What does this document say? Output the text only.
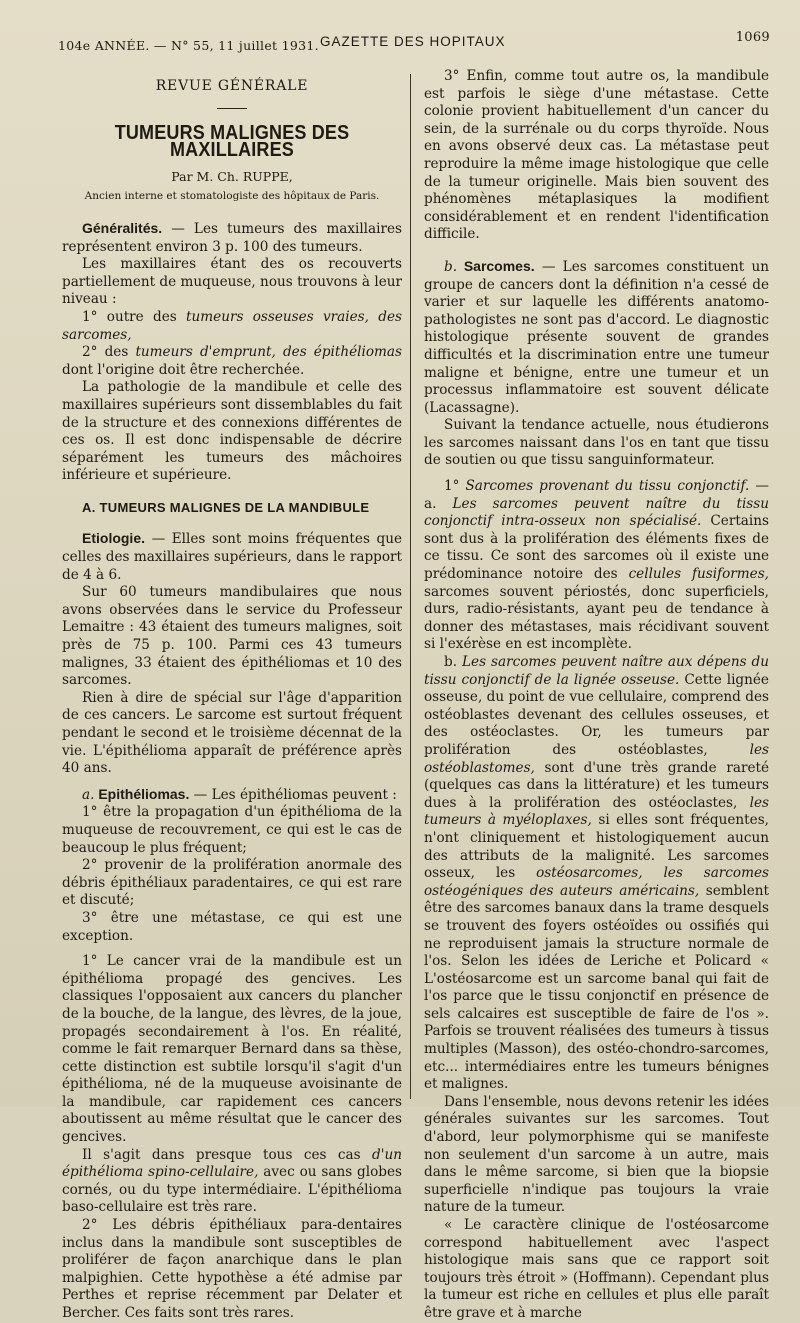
104e ANNÉE. — N° 55, 11 juillet 1931. GAZETTE DES HOPITAUX	1069
REVUE GÉNÉRALE
TUMEURS MALIGNES DES MAXILLAIRES
Par M. Ch. RUPPE,
Ancien interne et stomatologiste des hôpitaux de Paris.

Généralités. — Les tumeurs des maxillaires représentent environ 3 p. 100 des tumeurs.

Les maxillaires étant des os recouverts partiellement de muqueuse, nous trouvons à leur niveau :

1° outre des tumeurs osseuses vraies, des sarcomes,

2° des tumeurs d'emprunt, des épithéliomas dont l'origine doit être recherchée.

La pathologie de la mandibule et celle des maxillaires supérieurs sont dissemblables du fait de la structure et des connexions différentes de ces os. Il est donc indispensable de décrire séparément les tumeurs des mâchoires inférieure et supérieure.

A. TUMEURS MALIGNES DE LA MANDIBULE

Etiologie. — Elles sont moins fréquentes que celles des maxillaires supérieurs, dans le rapport de 4 à 6.

Sur 60 tumeurs mandibulaires que nous avons observées dans le service du Professeur Lemaitre : 43 étaient des tumeurs malignes, soit près de 75 p. 100. Parmi ces 43 tumeurs malignes, 33 étaient des épithéliomas et 10 des sarcomes.

Rien à dire de spécial sur l'âge d'apparition de ces cancers. Le sarcome est surtout fréquent pendant le second et le troisième décennat de la vie. L'épithélioma apparaît de préférence après 40 ans.

a. Epithéliomas. — Les épithéliomas peuvent :

1° être la propagation d'un épithélioma de la muqueuse de recouvrement, ce qui est le cas de beaucoup le plus fréquent;

2° provenir de la prolifération anormale des débris épithéliaux paradentaires, ce qui est rare et discuté;

3° être une métastase, ce qui est une exception.

1° Le cancer vrai de la mandibule est un épithélioma propagé des gencives. Les classiques l'opposaient aux cancers du plancher de la bouche, de la langue, des lèvres, de la joue, propagés secondairement à l'os. En réalité, comme le fait remarquer Bernard dans sa thèse, cette distinction est subtile lorsqu'il s'agit d'un épithélioma, né de la muqueuse avoisinante de la mandibule, car rapidement ces cancers aboutissent au même résultat que le cancer des gencives.

Il s'agit dans presque tous ces cas d'un épithélioma spino-cellulaire, avec ou sans globes cornés, ou du type intermédiaire. L'épithélioma baso-cellulaire est très rare.

2° Les débris épithéliaux para-dentaires inclus dans la mandibule sont susceptibles de proliférer de façon anarchique dans le plan malpighien. Cette hypothèse a été admise par Perthes et reprise récemment par Delater et Bercher. Ces faits sont très rares.

3° Enfin, comme tout autre os, la mandibule est parfois le siège d'une métastase. Cette colonie provient habituellement d'un cancer du sein, de la surrénale ou du corps thyroïde. Nous en avons observé deux cas. La métastase peut reproduire la même image histologique que celle de la tumeur originelle. Mais bien souvent des phénomènes métaplasiques la modifient considérablement et en rendent l'identification difficile.

b. Sarcomes. — Les sarcomes constituent un groupe de cancers dont la définition n'a cessé de varier et sur laquelle les différents anatomo-pathologistes ne sont pas d'accord. Le diagnostic histologique présente souvent de grandes difficultés et la discrimination entre une tumeur maligne et bénigne, entre une tumeur et un processus inflammatoire est souvent délicate (Lacassagne).

Suivant la tendance actuelle, nous étudierons les sarcomes naissant dans l'os en tant que tissu de soutien ou que tissu sanguinformateur.

1° Sarcomes provenant du tissu conjonctif. — a. Les sarcomes peuvent naître du tissu conjonctif intra-osseux non spécialisé. Certains sont dus à la prolifération des éléments fixes de ce tissu. Ce sont des sarcomes où il existe une prédominance notoire des cellules fusiformes, sarcomes souvent périostés, donc superficiels, durs, radio-résistants, ayant peu de tendance à donner des métastases, mais récidivant souvent si l'exérèse en est incomplète.

b. Les sarcomes peuvent naître aux dépens du tissu conjonctif de la lignée osseuse. Cette lignée osseuse, du point de vue cellulaire, comprend des ostéoblastes devenant des cellules osseuses, et des ostéoclastes. Or, les tumeurs par prolifération des ostéoblastes, les ostéoblastomes, sont d'une très grande rareté (quelques cas dans la littérature) et les tumeurs dues à la prolifération des ostéoclastes, les tumeurs à myéloplaxes, si elles sont fréquentes, n'ont cliniquement et histologiquement aucun des attributs de la malignité. Les sarcomes osseux, les ostéosarcomes, les sarcomes ostéogéniques des auteurs américains, semblent être des sarcomes banaux dans la trame desquels se trouvent des foyers ostéoïdes ou ossifiés qui ne reproduisent jamais la structure normale de l'os. Selon les idées de Leriche et Policard « L'ostéosarcome est un sarcome banal qui fait de l'os parce que le tissu conjonctif en présence de sels calcaires est susceptible de faire de l'os ». Parfois se trouvent réalisées des tumeurs à tissus multiples (Masson), des ostéo-chondro-sarcomes, etc... intermédiaires entre les tumeurs bénignes et malignes.

Dans l'ensemble, nous devons retenir les idées générales suivantes sur les sarcomes. Tout d'abord, leur polymorphisme qui se manifeste non seulement d'un sarcome à un autre, mais dans le même sarcome, si bien que la biopsie superficielle n'indique pas toujours la vraie nature de la tumeur.

« Le caractère clinique de l'ostéosarcome correspond habituellement avec l'aspect histologique mais sans que ce rapport soit toujours très étroit » (Hoffmann). Cependant plus la tumeur est riche en cellules et plus elle paraît être grave et à marche
